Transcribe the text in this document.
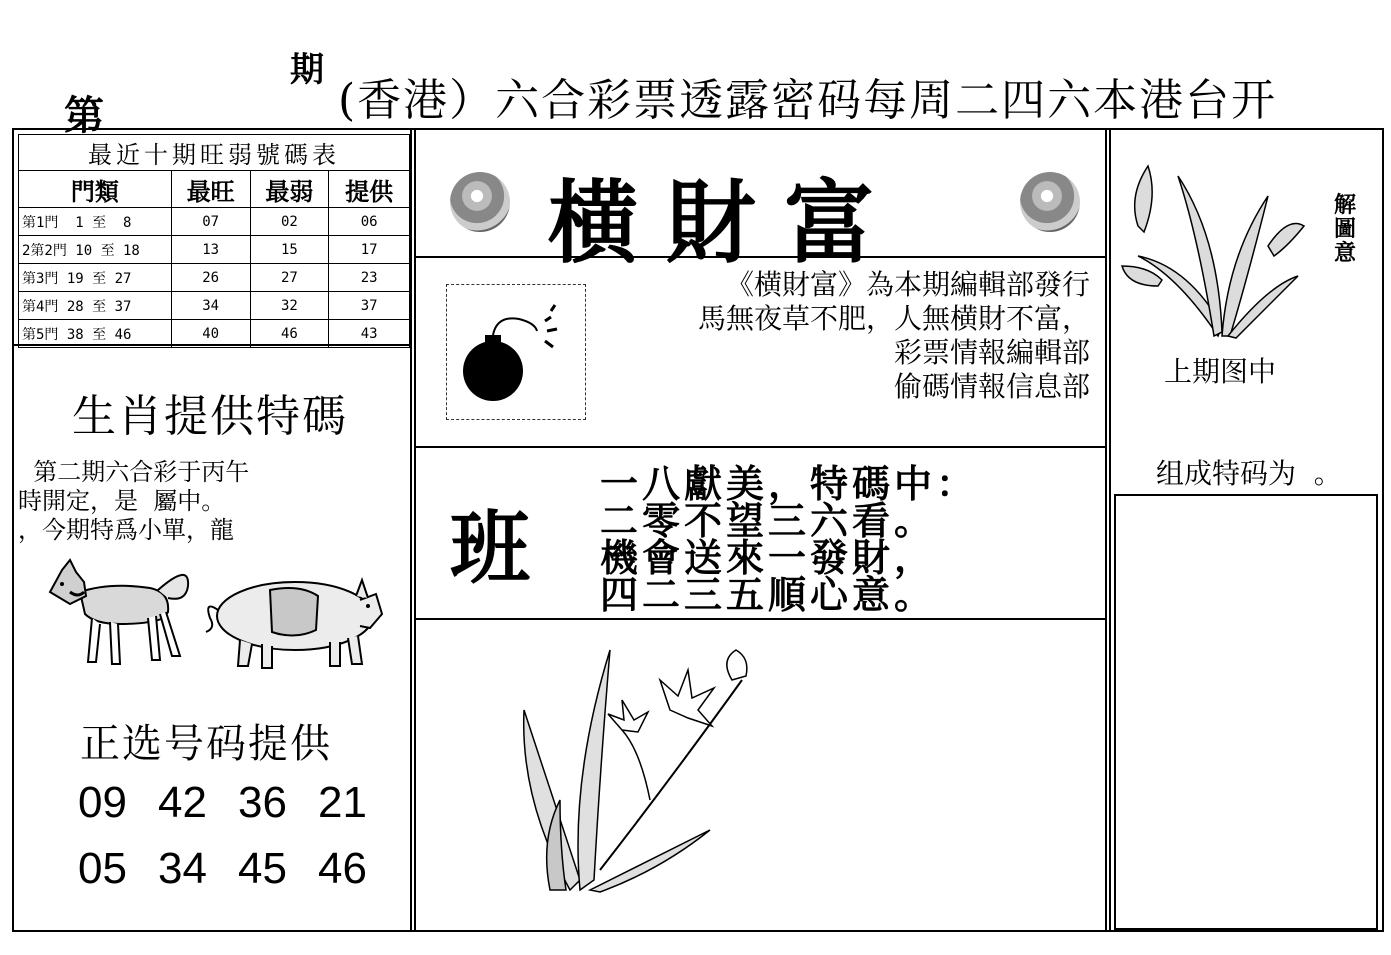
第
期
(香港）六合彩票透露密码每周二四六本港台开
最近十期旺弱號碼表			
門類	最旺	最弱	提供
第1門  1 至  8	07	02	06
2第2門 10 至 18	13	15	17
第3門 19 至 27	26	27	23
第4門 28 至 37	34	32	37
第5門 38 至 46	40	46	43
生肖提供特碼
第二期六合彩于丙午
時開定，是  屬中。
，今期特爲小單，龍
正选号码提供
09 42 36 21
05 34 45 46
横財富
《横財富》為本期編輯部發行
馬無夜草不肥，人無横財不富，
彩票情報編輯部
偷碼情報信息部
班
一八獻美，特碼中：
二零不望三六看。
機會送來一發財，
四二三五順心意。
解
圖
意
上期图中
组成特码为  。
